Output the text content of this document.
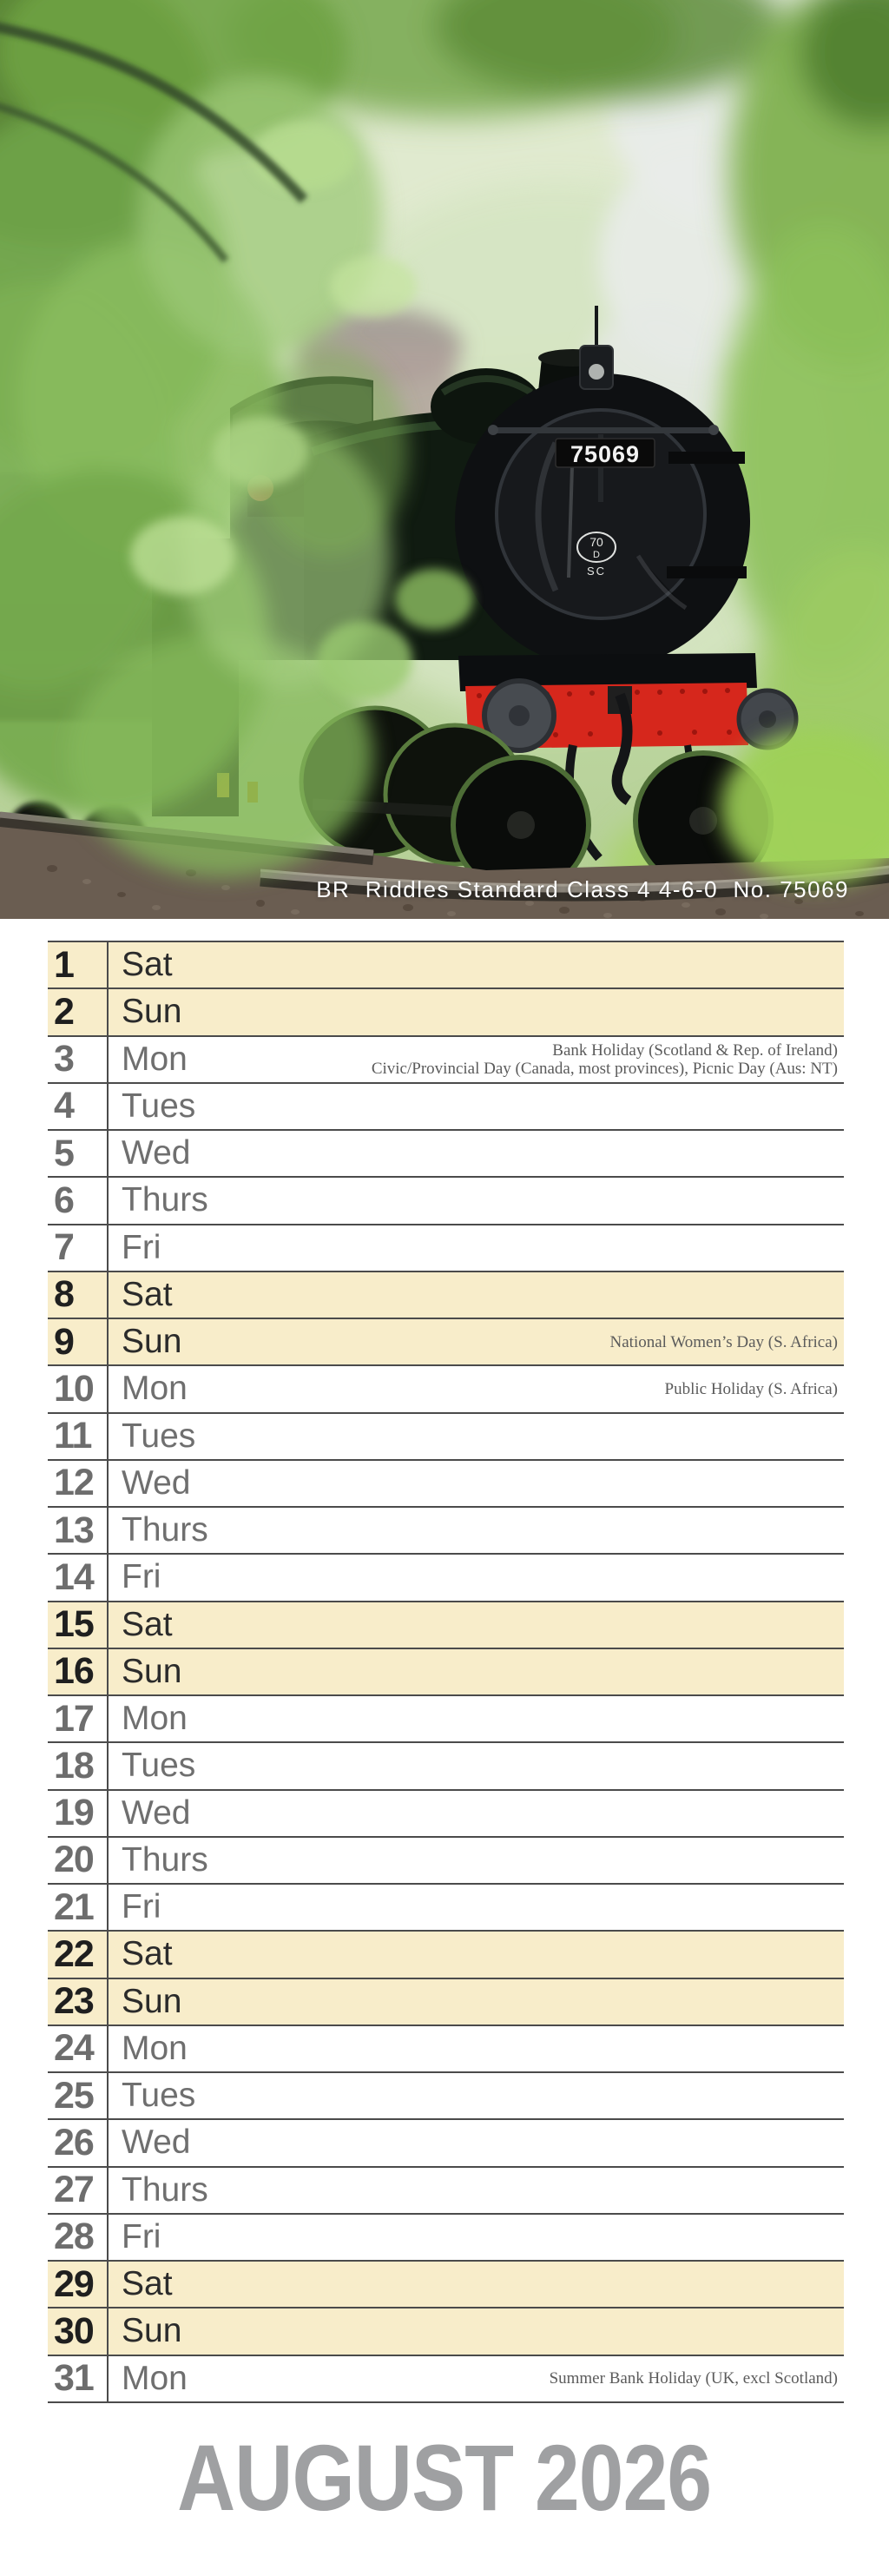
70
D
SC
75069
BR  Riddles Standard Class 4 4-6-0  No. 75069
1	Sat
2	Sun
3	Mon	Bank Holiday (Scotland & Rep. of Ireland)
Civic/Provincial Day (Canada, most provinces), Picnic Day (Aus: NT)
4	Tues
5	Wed
6	Thurs
7	Fri
8	Sat
9	Sun	National Women’s Day (S. Africa)
10 Mon	Public Holiday (S. Africa)
11 Tues
12 Wed
13 Thurs
14 Fri
15 Sat
16 Sun
17 Mon
18 Tues
19 Wed
20 Thurs
21 Fri
22 Sat
23 Sun
24 Mon
25 Tues
26 Wed
27 Thurs
28 Fri
29 Sat
30 Sun
31 Mon	Summer Bank Holiday (UK, excl Scotland)
AUGUST 2026
